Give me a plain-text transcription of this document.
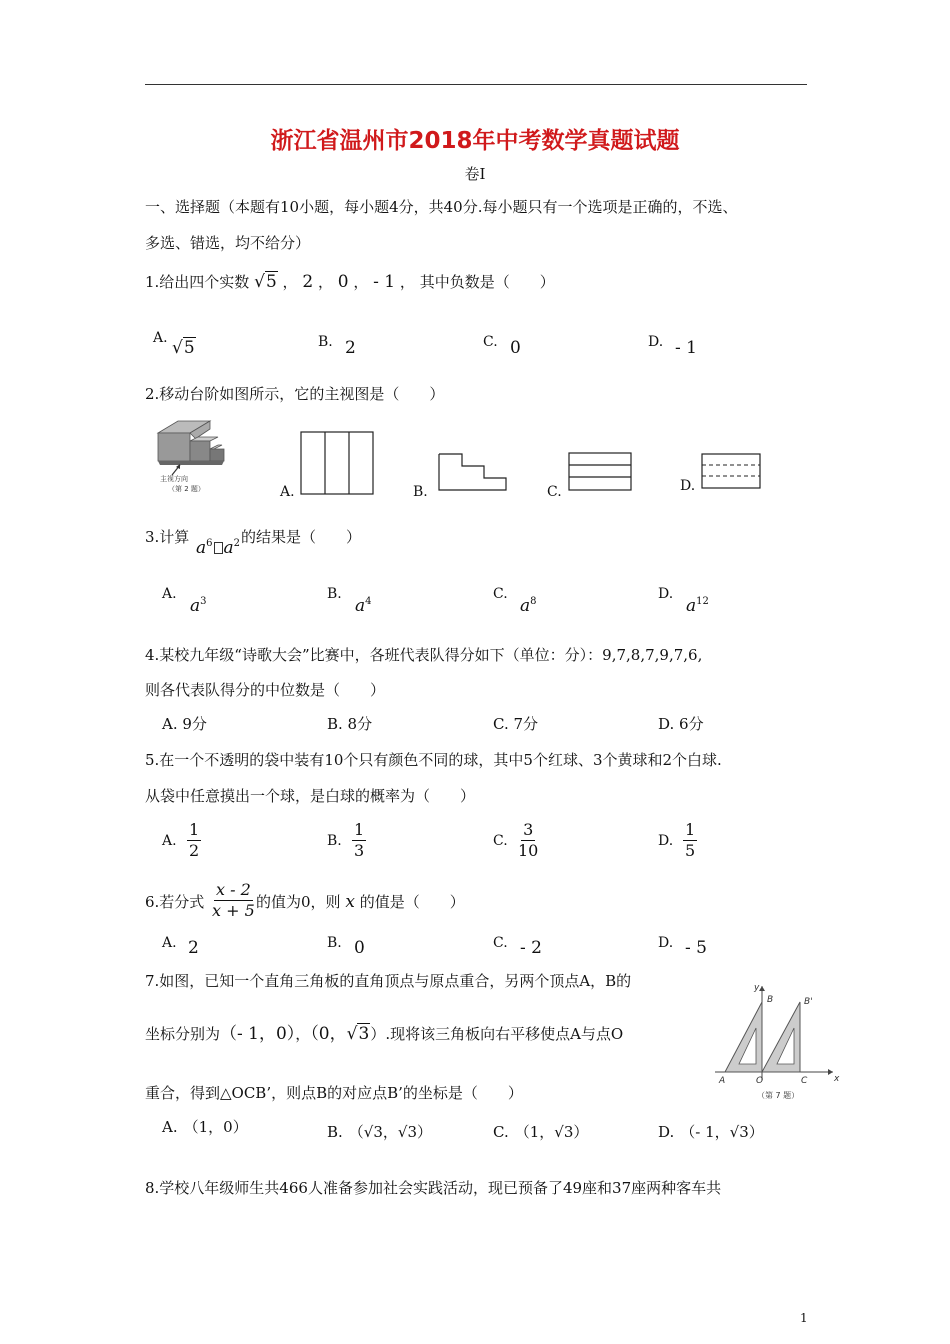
浙江省温州市2018年中考数学真题试题
卷I
一、选择题（本题有10小题，每小题4分，共40分.每小题只有一个选项是正确的，不选、
多选、错选，均不给分）
1.给出四个实数 √5 ， 2 ， 0 ， - 1 ， 其中负数是（　　）
A. √5	B. 2	C. 0	D. - 1
2.移动台阶如图所示，它的主视图是（　　）
主视方向
（第 2 题）	A.	B.	C.	D.
3.计算
$a^6$ $a^2$ 的结果是（　　）
A.
$a^3$	B.
$a^4$	C.
$a^8$	D.
$a^{12}$
4.某校九年级“诗歌大会”比赛中，各班代表队得分如下（单位：分）：9,7,8,7,9,7,6,
则各代表队得分的中位数是（　　）
A. 9分	B. 8分	C. 7分	D. 6分
5.在一个不透明的袋中装有10个只有颜色不同的球，其中5个红球、3个黄球和2个白球.
从袋中任意摸出一个球，是白球的概率为（　　）
A. $\frac{1}{2}$	B. $\frac{1}{3}$	C. $\frac{3}{10}$	D. $\frac{1}{5}$
6.若分式 $\frac{x - 2}{x + 5}$ 的值为0，则 x 的值是（　　）
A. 2	B. 0	C. - 2	D. - 5
7.如图，已知一个直角三角板的直角顶点与原点重合，另两个顶点A，B的
坐标分别为（- 1，0），（0，√3）.现将该三角板向右平移使点A与点O
重合，得到△OCB’，则点B的对应点B’的坐标是（　　）
y
x
A	O	C
B	B'
（第 7 题）
A. （1，0）	B. （√3，√3）	C. （1，√3）	D. （- 1，√3）
8.学校八年级师生共466人准备参加社会实践活动，现已预备了49座和37座两种客车共
1
